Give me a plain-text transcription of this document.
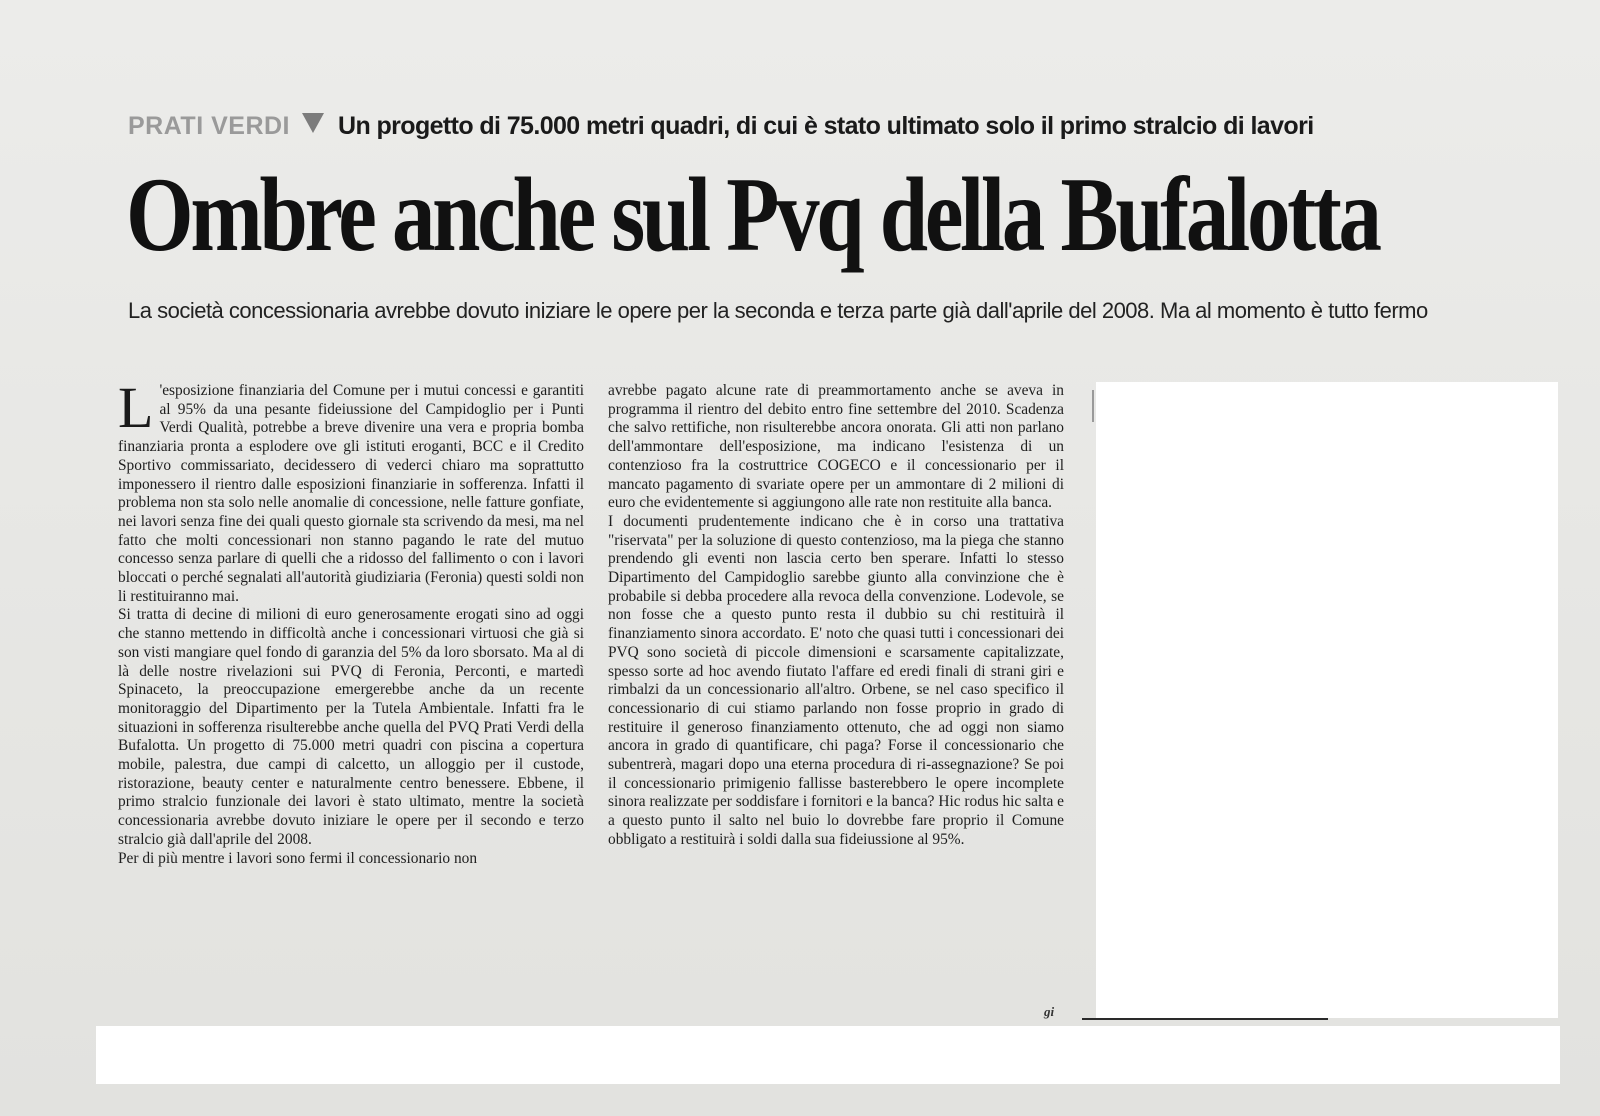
PRATI VERDI Un progetto di 75.000 metri quadri, di cui è stato ultimato solo il primo stralcio di lavori
Ombre anche sul Pvq della Bufalotta
La società concessionaria avrebbe dovuto iniziare le opere per la seconda e terza parte già dall'aprile del 2008. Ma al momento è tutto fermo

L 'esposizione finanziaria del Comune per i mutui concessi e garantiti al 95% da una pesante fideiussione del Campidoglio per i Punti Verdi Qualità, potrebbe a breve divenire una vera e propria bomba finanziaria pronta a esplodere ove gli istituti eroganti, BCC e il Credito Sportivo commissariato, decidessero di vederci chiaro ma soprattutto imponessero il rientro dalle esposizioni finanziarie in sofferenza. Infatti il problema non sta solo nelle anomalie di concessione, nelle fatture gonfiate, nei lavori senza fine dei quali questo giornale sta scrivendo da mesi, ma nel fatto che molti concessionari non stanno pagando le rate del mutuo concesso senza parlare di quelli che a ridosso del fallimento o con i lavori bloccati o perché segnalati all'autorità giudiziaria (Feronia) questi soldi non li restituiranno mai.

Si tratta di decine di milioni di euro generosamente erogati sino ad oggi che stanno mettendo in difficoltà anche i concessionari virtuosi che già si son visti mangiare quel fondo di garanzia del 5% da loro sborsato. Ma al di là delle nostre rivelazioni sui PVQ di Feronia, Perconti, e martedì Spinaceto, la preoccupazione emergerebbe anche da un recente monitoraggio del Dipartimento per la Tutela Ambientale. Infatti fra le situazioni in sofferenza risulterebbe anche quella del PVQ Prati Verdi della Bufalotta. Un progetto di 75.000 metri quadri con piscina a copertura mobile, palestra, due campi di calcetto, un alloggio per il custode, ristorazione, beauty center e naturalmente centro benessere. Ebbene, il primo stralcio funzionale dei lavori è stato ultimato, mentre la società concessionaria avrebbe dovuto iniziare le opere per il secondo e terzo stralcio già dall'aprile del 2008.

Per di più mentre i lavori sono fermi il concessionario non

avrebbe pagato alcune rate di preammortamento anche se aveva in programma il rientro del debito entro fine settembre del 2010. Scadenza che salvo rettifiche, non risulterebbe ancora onorata. Gli atti non parlano dell'ammontare dell'esposizione, ma indicano l'esistenza di un contenzioso fra la costruttrice COGECO e il concessionario per il mancato pagamento di svariate opere per un ammontare di 2 milioni di euro che evidentemente si aggiungono alle rate non restituite alla banca.

I documenti prudentemente indicano che è in corso una trattativa "riservata" per la soluzione di questo contenzioso, ma la piega che stanno prendendo gli eventi non lascia certo ben sperare. Infatti lo stesso Dipartimento del Campidoglio sarebbe giunto alla convinzione che è probabile si debba procedere alla revoca della convenzione. Lodevole, se non fosse che a questo punto resta il dubbio su chi restituirà il finanziamento sinora accordato. E' noto che quasi tutti i concessionari dei PVQ sono società di piccole dimensioni e scarsamente capitalizzate, spesso sorte ad hoc avendo fiutato l'affare ed eredi finali di strani giri e rimbalzi da un concessionario all'altro. Orbene, se nel caso specifico il concessionario di cui stiamo parlando non fosse proprio in grado di restituire il generoso finanziamento ottenuto, che ad oggi non siamo ancora in grado di quantificare, chi paga? Forse il concessionario che subentrerà, magari dopo una eterna procedura di ri-assegnazione? Se poi il concessionario primigenio fallisse basterebbero le opere incomplete sinora realizzate per soddisfare i fornitori e la banca? Hic rodus hic salta e a questo punto il salto nel buio lo dovrebbe fare proprio il Comune obbligato a restituirà i soldi dalla sua fideiussione al 95%.

gi
